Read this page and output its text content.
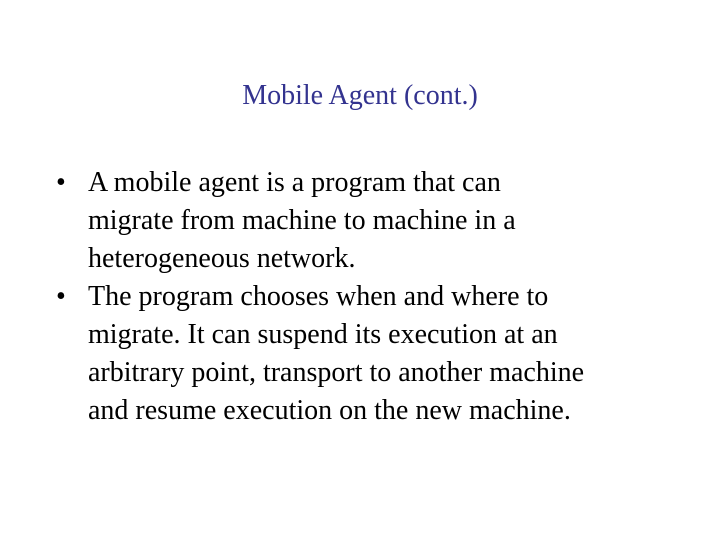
Mobile Agent (cont.)
• A mobile agent is a program that can
migrate from machine to machine in a
heterogeneous network.
• The program chooses when and where to
migrate. It can suspend its execution at an
arbitrary point, transport to another machine
and resume execution on the new machine.
